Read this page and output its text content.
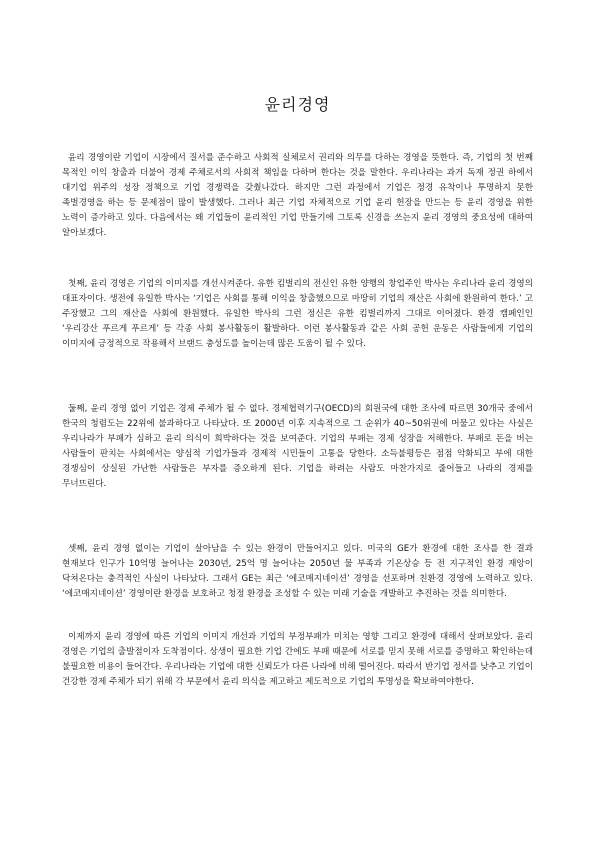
윤리경영

윤리 경영이란 기업이 시장에서 질서를 준수하고 사회적 실체로서 권리와 의무를 다하는 경영을 뜻한다. 즉, 기업의 첫 번째 목적인 이익 창출과 더불어 경제 주체로서의 사회적 책임을 다하며 한다는 것을 말한다. 우리나라는 과거 독재 정권 하에서 대기업 위주의 성장 정책으로 기업 경쟁력을 갖췄나갔다. 하지만 그런 과정에서 기업은 정경 유착이나 투명하지 못한 족벌경영을 하는 등 문제점이 많이 발생했다. 그러나 최근 기업 자체적으로 기업 윤리 헌장을 만드는 등 윤리 경영을 위한 노력이 증가하고 있다. 다음에서는 왜 기업들이 윤리적인 기업 만들기에 그토록 신경을 쓰는지 윤리 경영의 중요성에 대하여 알아보겠다.

첫째, 윤리 경영은 기업의 이미지를 개선시켜준다. 유한 킴벌리의 전신인 유한 양행의 창업주인 박사는 우리나라 윤리 경영의 대표자이다. 생전에 유일한 박사는 ‘기업은 사회를 통해 이익을 창출했으므로 마땅히 기업의 재산은 사회에 환원하여 한다.’ 고 주장했고 그의 재산을 사회에 환원했다. 유일한 박사의 그런 정신은 유한 킴벌리까지 그대로 이어졌다. 환경 캠페인인 ‘우리강산 푸르게 푸르게’ 등 각종 사회 봉사활동이 활발하다. 이런 봉사활동과 같은 사회 공헌 운동은 사람들에게 기업의 이미지에 긍정적으로 작용해서 브랜드 충성도를 높이는데 많은 도움이 될 수 있다.

둘째, 윤리 경영 없이 기업은 경제 주체가 될 수 없다. 경제협력기구(OECD)의 회원국에 대한 조사에 따르면 30개국 중에서 한국의 청렴도는 22위에 불과하다고 나타났다. 또 2000년 이후 지속적으로 그 순위가 40~50위권에 머물고 있다는 사실은 우리나라가 부패가 심하고 윤리 의식이 희박하다는 것을 보여준다. 기업의 부패는 경제 성장을 저해한다. 부패로 돈을 버는 사람들이 판치는 사회에서는 양심적 기업가들과 경제적 시민들이 고통을 당한다. 소득불평등은 점점 악화되고 부에 대한 경쟁심이 상실된 가난한 사람들은 부자를 증오하게 된다. 기업을 하려는 사람도 마찬가지로 줄어들고 나라의 경제를 무너뜨린다.

셋째, 윤리 경영 없이는 기업이 살아남을 수 있는 환경이 만들어지고 있다. 미국의 GE가 환경에 대한 조사를 한 결과 현재보다 인구가 10억명 늘어나는 2030년, 25억 명 늘어나는 2050년 물 부족과 기온상승 등 전 지구적인 환경 재앙이 닥쳐온다는 충격적인 사실이 나타났다. 그래서 GE는 최근 ‘에코매지네이션’ 경영을 선포하며 친환경 경영에 노력하고 있다. ‘에코매지네이션’ 경영이란 환경을 보호하고 청정 환경을 조성할 수 있는 미래 기술을 개발하고 추진하는 것을 의미한다.

이제까지 윤리 경영에 따른 기업의 이미지 개선과 기업의 부정부패가 미치는 영향 그리고 환경에 대해서 살펴보았다. 윤리 경영은 기업의 출발점이자 도착점이다. 상생이 필요한 기업 간에도 부패 때문에 서로를 믿지 못해 서로를 증명하고 확인하는데 불필요한 비용이 들어간다. 우리나라는 기업에 대한 신뢰도가 다른 나라에 비해 떨어진다. 따라서 반기업 정서를 낮추고 기업이 건강한 경제 주체가 되기 위해 각 부문에서 윤리 의식을 제고하고 제도적으로 기업의 투명성을 확보하여야한다.
